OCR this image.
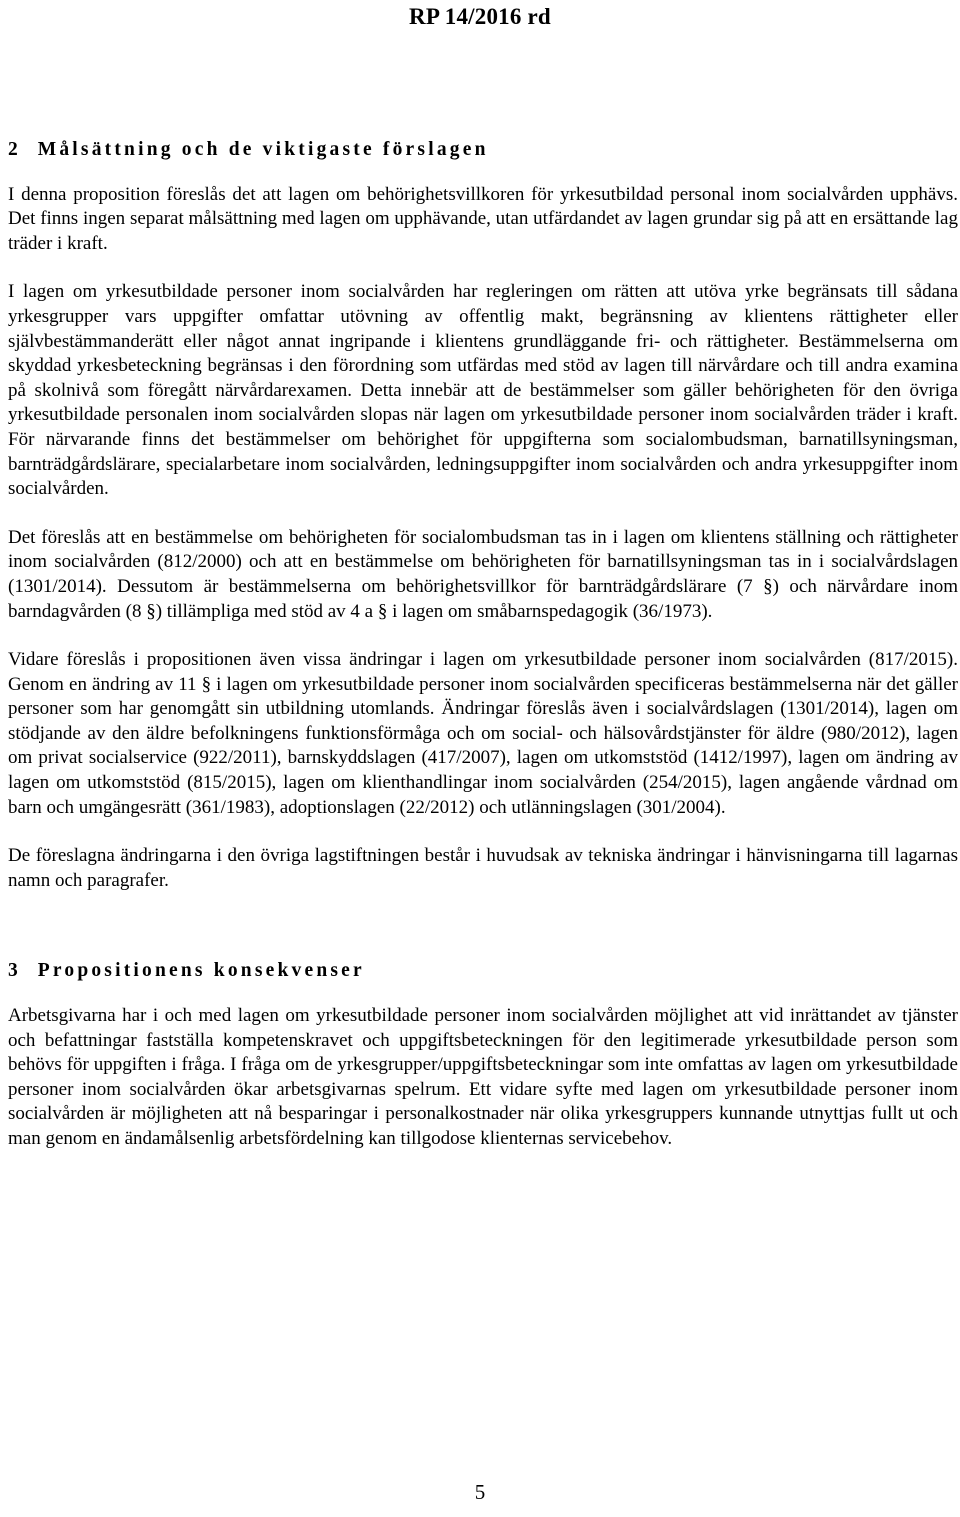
RP 14/2016 rd
2 Målsättning och de viktigaste förslagen

I denna proposition föreslås det att lagen om behörighetsvillkoren för yrkesutbildad personal inom socialvården upphävs. Det finns ingen separat målsättning med lagen om upphävande, utan utfärdandet av lagen grundar sig på att en ersättande lag träder i kraft.

I lagen om yrkesutbildade personer inom socialvården har regleringen om rätten att utöva yrke begränsats till sådana yrkesgrupper vars uppgifter omfattar utövning av offentlig makt, begränsning av klientens rättigheter eller självbestämmanderätt eller något annat ingripande i klientens grundläggande fri- och rättigheter. Bestämmelserna om skyddad yrkesbeteckning begränsas i den förordning som utfärdas med stöd av lagen till närvårdare och till andra examina på skolnivå som föregått närvårdarexamen. Detta innebär att de bestämmelser som gäller behörigheten för den övriga yrkesutbildade personalen inom socialvården slopas när lagen om yrkesutbildade personer inom socialvården träder i kraft. För närvarande finns det bestämmelser om behörighet för uppgifterna som socialombudsman, barnatillsyningsman, barnträdgårdslärare, specialarbetare inom socialvården, ledningsuppgifter inom socialvården och andra yrkesuppgifter inom socialvården.

Det föreslås att en bestämmelse om behörigheten för socialombudsman tas in i lagen om klientens ställning och rättigheter inom socialvården (812/2000) och att en bestämmelse om behörigheten för barnatillsyningsman tas in i socialvårdslagen (1301/2014). Dessutom är bestämmelserna om behörighetsvillkor för barnträdgårdslärare (7 §) och närvårdare inom barndagvården (8 §) tillämpliga med stöd av 4 a § i lagen om småbarnspedagogik (36/1973).

Vidare föreslås i propositionen även vissa ändringar i lagen om yrkesutbildade personer inom socialvården (817/2015). Genom en ändring av 11 § i lagen om yrkesutbildade personer inom socialvården specificeras bestämmelserna när det gäller personer som har genomgått sin utbildning utomlands. Ändringar föreslås även i socialvårdslagen (1301/2014), lagen om stödjande av den äldre befolkningens funktionsförmåga och om social- och hälsovårdstjänster för äldre (980/2012), lagen om privat socialservice (922/2011), barnskyddslagen (417/2007), lagen om utkomststöd (1412/1997), lagen om ändring av lagen om utkomststöd (815/2015), lagen om klienthandlingar inom socialvården (254/2015), lagen angående vårdnad om barn och umgängesrätt (361/1983), adoptionslagen (22/2012) och utlänningslagen (301/2004).

De föreslagna ändringarna i den övriga lagstiftningen består i huvudsak av tekniska ändringar i hänvisningarna till lagarnas namn och paragrafer.

3 Propositionens konsekvenser

Arbetsgivarna har i och med lagen om yrkesutbildade personer inom socialvården möjlighet att vid inrättandet av tjänster och befattningar fastställa kompetenskravet och uppgiftsbeteckningen för den legitimerade yrkesutbildade person som behövs för uppgiften i fråga. I fråga om de yrkesgrupper/uppgiftsbeteckningar som inte omfattas av lagen om yrkesutbildade personer inom socialvården ökar arbetsgivarnas spelrum. Ett vidare syfte med lagen om yrkesutbildade personer inom socialvården är möjligheten att nå besparingar i personalkostnader när olika yrkesgruppers kunnande utnyttjas fullt ut och man genom en ändamålsenlig arbetsfördelning kan tillgodose klienternas servicebehov.

5
